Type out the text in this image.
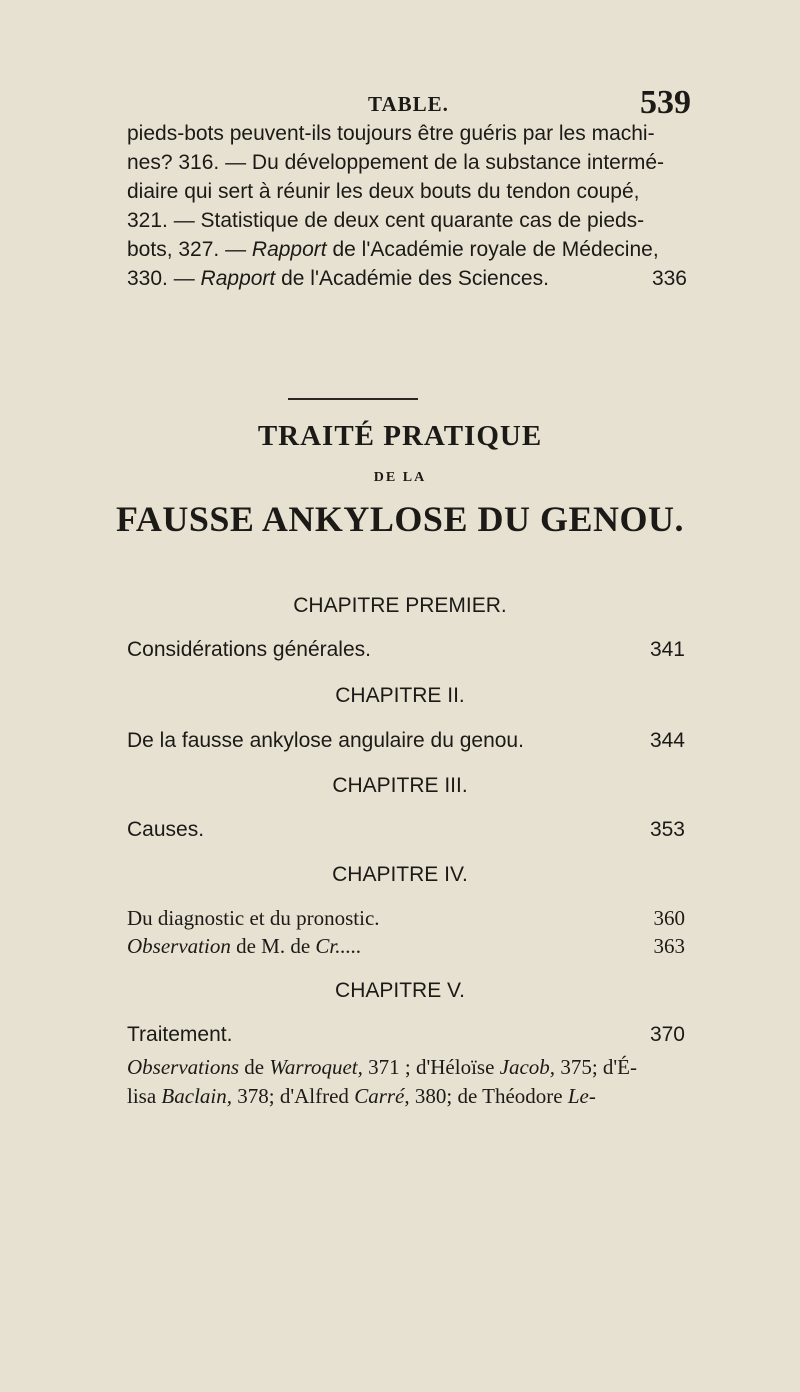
TABLE.	539
pieds-bots peuvent-ils toujours être guéris par les machi-
nes? 316. — Du développement de la substance intermé-
diaire qui sert à réunir les deux bouts du tendon coupé,
321. — Statistique de deux cent quarante cas de pieds-
bots, 327. — Rapport de l'Académie royale de Médecine,
330. — Rapport de l'Académie des Sciences.	336
TRAITÉ PRATIQUE
DE LA
FAUSSE ANKYLOSE DU GENOU.
CHAPITRE PREMIER.
Considérations générales.	341
CHAPITRE II.
De la fausse ankylose angulaire du genou.	344
CHAPITRE III.
Causes.	353
CHAPITRE IV.
Du diagnostic et du pronostic.	360
Observation de M. de Cr.....	363
CHAPITRE V.
Traitement.	370
Observations de Warroquet, 371 ; d'Héloïse Jacob, 375; d'É-
lisa Baclain, 378; d'Alfred Carré, 380; de Théodore Le-
